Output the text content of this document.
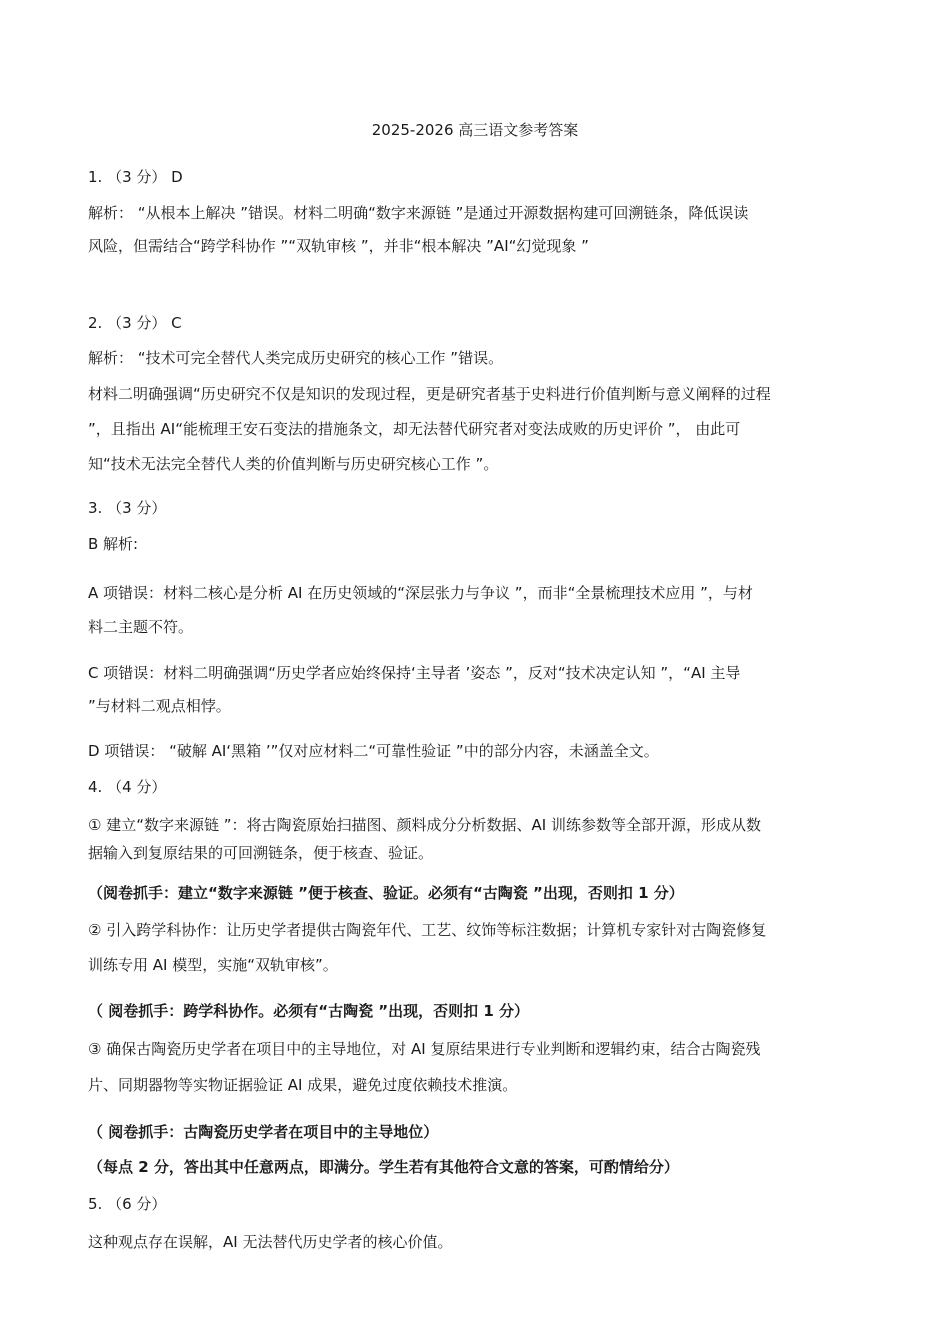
2025-2026 高三语文参考答案
1. （3 分） D
解析： “从根本上解决 ”错误。材料二明确“数字来源链 ”是通过开源数据构建可回溯链条，降低误读
风险，但需结合“跨学科协作 ”“双轨审核 ”，并非“根本解决 ”AI“幻觉现象 ”
2. （3 分） C
解析： “技术可完全替代人类完成历史研究的核心工作 ”错误。
材料二明确强调“历史研究不仅是知识的发现过程，更是研究者基于史料进行价值判断与意义阐释的过程
”，且指出 AI“能梳理王安石变法的措施条文，却无法替代研究者对变法成败的历史评价 ”， 由此可
知“技术无法完全替代人类的价值判断与历史研究核心工作 ”。
3. （3 分）
B 解析:
A 项错误：材料二核心是分析 AI 在历史领域的“深层张力与争议 ”，而非“全景梳理技术应用 ”，与材
料二主题不符。
C 项错误：材料二明确强调“历史学者应始终保持‘主导者 ’姿态 ”，反对“技术决定认知 ”，“AI 主导
”与材料二观点相悖。
D 项错误： “破解 AI‘黑箱 ’”仅对应材料二“可靠性验证 ”中的部分内容，未涵盖全文。
4. （4 分）
① 建立“数字来源链 ”：将古陶瓷原始扫描图、颜料成分分析数据、AI 训练参数等全部开源，形成从数
据输入到复原结果的可回溯链条，便于核查、验证。
（阅卷抓手：建立“数字来源链 ”便于核查、验证。必须有“古陶瓷 ”出现，否则扣 1 分）
② 引入跨学科协作：让历史学者提供古陶瓷年代、工艺、纹饰等标注数据；计算机专家针对古陶瓷修复
训练专用 AI 模型，实施“双轨审核”。
（ 阅卷抓手：跨学科协作。必须有“古陶瓷 ”出现，否则扣 1 分）
③ 确保古陶瓷历史学者在项目中的主导地位，对 AI 复原结果进行专业判断和逻辑约束，结合古陶瓷残
片、同期器物等实物证据验证 AI 成果，避免过度依赖技术推演。
（ 阅卷抓手：古陶瓷历史学者在项目中的主导地位）
（每点 2 分，答出其中任意两点，即满分。学生若有其他符合文意的答案，可酌情给分）
5. （6 分）
这种观点存在误解，AI 无法替代历史学者的核心价值。
